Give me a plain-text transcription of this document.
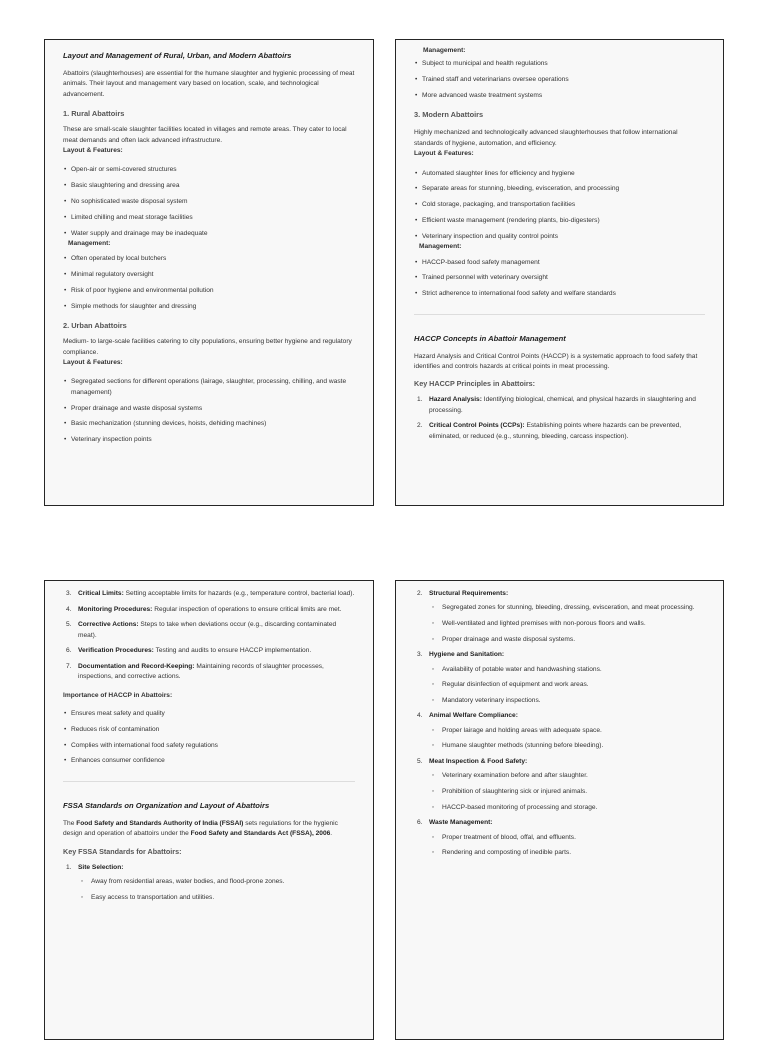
Layout and Management of Rural, Urban, and Modern Abattoirs

Abattoirs (slaughterhouses) are essential for the humane slaughter and hygienic processing of meat animals. Their layout and management vary based on location, scale, and technological advancement.

1. Rural Abattoirs

These are small-scale slaughter facilities located in villages and remote areas. They cater to local meat demands and often lack advanced infrastructure.

Layout & Features:
• Open-air or semi-covered structures
• Basic slaughtering and dressing area
• No sophisticated waste disposal system
• Limited chilling and meat storage facilities
• Water supply and drainage may be inadequate
Management:
• Often operated by local butchers
• Minimal regulatory oversight
• Risk of poor hygiene and environmental pollution
• Simple methods for slaughter and dressing
2. Urban Abattoirs

Medium- to large-scale facilities catering to city populations, ensuring better hygiene and regulatory compliance.

Layout & Features:
• Segregated sections for different operations (lairage, slaughter, processing, chilling, and waste management)
• Proper drainage and waste disposal systems
• Basic mechanization (stunning devices, hoists, dehiding machines)
• Veterinary inspection points
Management:
• Subject to municipal and health regulations
• Trained staff and veterinarians oversee operations
• More advanced waste treatment systems
3. Modern Abattoirs

Highly mechanized and technologically advanced slaughterhouses that follow international standards of hygiene, automation, and efficiency.

Layout & Features:
• Automated slaughter lines for efficiency and hygiene
• Separate areas for stunning, bleeding, evisceration, and processing
• Cold storage, packaging, and transportation facilities
• Efficient waste management (rendering plants, bio-digesters)
• Veterinary inspection and quality control points
Management:
• HACCP-based food safety management
• Trained personnel with veterinary oversight
• Strict adherence to international food safety and welfare standards
HACCP Concepts in Abattoir Management

Hazard Analysis and Critical Control Points (HACCP) is a systematic approach to food safety that identifies and controls hazards at critical points in meat processing.

Key HACCP Principles in Abattoirs:
1. Hazard Analysis: Identifying biological, chemical, and physical hazards in slaughtering and processing.
2. Critical Control Points (CCPs): Establishing points where hazards can be prevented, eliminated, or reduced (e.g., stunning, bleeding, carcass inspection).
3. Critical Limits: Setting acceptable limits for hazards (e.g., temperature control, bacterial load).
4. Monitoring Procedures: Regular inspection of operations to ensure critical limits are met.
5. Corrective Actions: Steps to take when deviations occur (e.g., discarding contaminated meat).
6. Verification Procedures: Testing and audits to ensure HACCP implementation.
7. Documentation and Record-Keeping: Maintaining records of slaughter processes, inspections, and corrective actions.
Importance of HACCP in Abattoirs:
• Ensures meat safety and quality
• Reduces risk of contamination
• Complies with international food safety regulations
• Enhances consumer confidence
FSSA Standards on Organization and Layout of Abattoirs

The Food Safety and Standards Authority of India (FSSAI) sets regulations for the hygienic design and operation of abattoirs under the Food Safety and Standards Act (FSSA), 2006.

Key FSSA Standards for Abattoirs:
1. Site Selection:
◦ Away from residential areas, water bodies, and flood-prone zones.
◦ Easy access to transportation and utilities.
2. Structural Requirements:
◦ Segregated zones for stunning, bleeding, dressing, evisceration, and meat processing.
◦ Well-ventilated and lighted premises with non-porous floors and walls.
◦ Proper drainage and waste disposal systems.
3. Hygiene and Sanitation:
◦ Availability of potable water and handwashing stations.
◦ Regular disinfection of equipment and work areas.
◦ Mandatory veterinary inspections.
4. Animal Welfare Compliance:
◦ Proper lairage and holding areas with adequate space.
◦ Humane slaughter methods (stunning before bleeding).
5. Meat Inspection & Food Safety:
◦ Veterinary examination before and after slaughter.
◦ Prohibition of slaughtering sick or injured animals.
◦ HACCP-based monitoring of processing and storage.
6. Waste Management:
◦ Proper treatment of blood, offal, and effluents.
◦ Rendering and composting of inedible parts.
